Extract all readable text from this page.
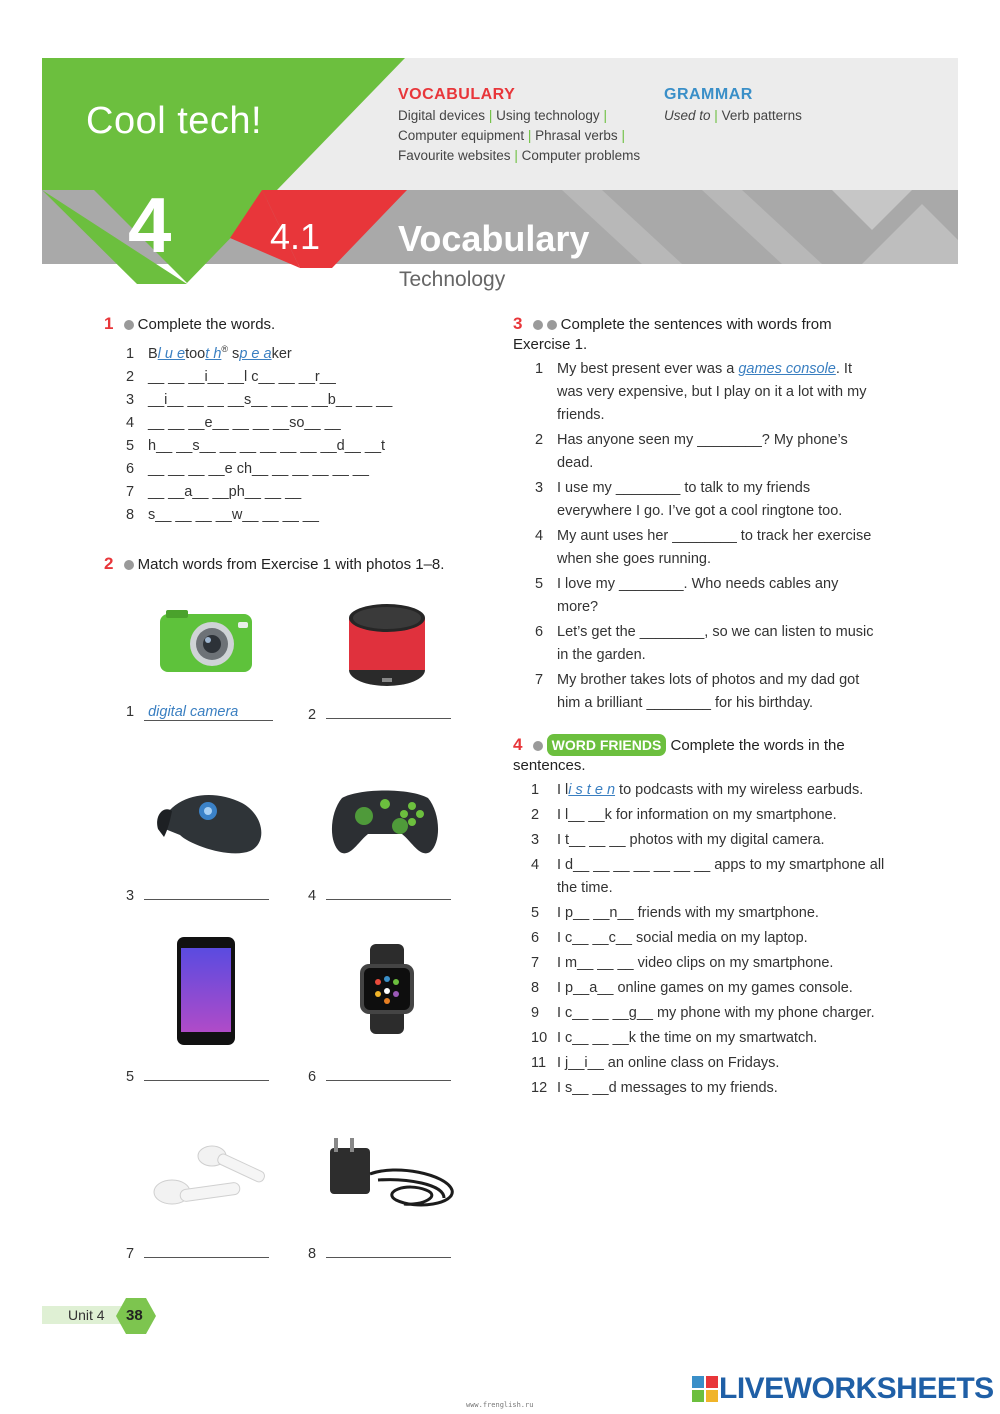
Cool tech!
4	4.1 Vocabulary
Technology
VOCABULARY
Digital devices | Using technology |
Computer equipment | Phrasal verbs |
Favourite websites | Computer problems
GRAMMAR
Used to | Verb patterns
1 Complete the words.
1 Bl u etoot h® sp e aker
2 __ __ __i__ __l c__ __ __r__
3 __i__ __ __ __s__ __ __ __b__ __ __
4 __ __ __e__ __ __ __so__ __
5 h__ __s__ __ __ __ __ __ __d__ __t
6 __ __ __ __e ch__ __ __ __ __ __
7 __ __a__ __ph__ __ __
8 s__ __ __ __w__ __ __ __
2 Match words from Exercise 1 with photos 1–8.
1 digital camera	2
3	4
5	6
7	8
3	Complete the sentences with words from Exercise 1.
1 My best present ever was a games console. It was very expensive, but I play on it a lot with my friends.
2 Has anyone seen my ________? My phone’s dead.
3 I use my ________ to talk to my friends everywhere I go. I’ve got a cool ringtone too.
4 My aunt uses her ________ to track her exercise when she goes running.
5 I love my ________. Who needs cables any more?
6 Let’s get the ________, so we can listen to music in the garden.
7 My brother takes lots of photos and my dad got him a brilliant ________ for his birthday.
4 WORD FRIENDS Complete the words in the sentences.
1	I li s t e n to podcasts with my wireless earbuds.
2	I l__ __k for information on my smartphone.
3	I t__ __ __ photos with my digital camera.
4	I d__ __ __ __ __ __ __ apps to my smartphone all the time.
5	I p__ __n__ friends with my smartphone.
6	I c__ __c__ social media on my laptop.
7	I m__ __ __ video clips on my smartphone.
8	I p__a__ online games on my games console.
9	I c__ __ __g__ my phone with my phone charger.
10 I c__ __ __k the time on my smartwatch.
11 I j__i__ an online class on Fridays.
12 I s__ __d messages to my friends.
Unit 4 38
www.frenglish.ru	LIVEWORKSHEETS
